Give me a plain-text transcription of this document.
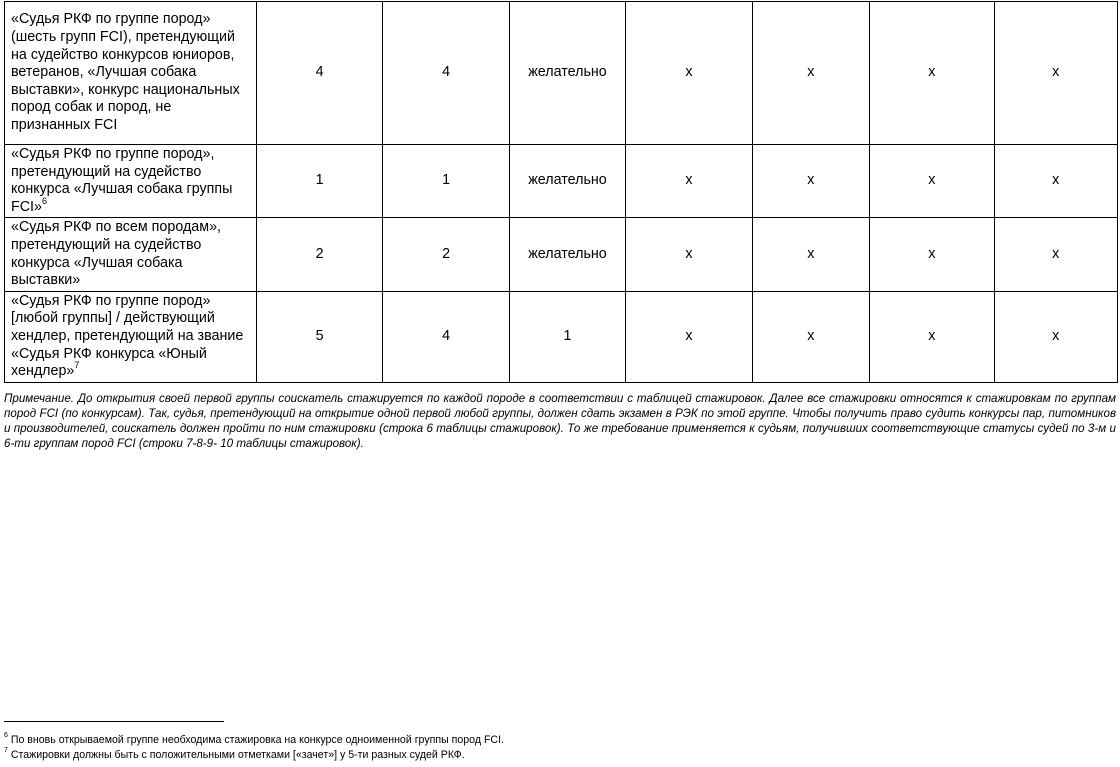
«Судья РКФ по группе пород» (шесть групп FCI), претендующий на судейство конкурсов юниоров, ветеранов, «Лучшая собака выставки», конкурс национальных пород собак и пород, не признанных FCI	4	4	желательно	х	х	х	х
«Судья РКФ по группе пород», претендующий на судейство конкурса «Лучшая собака группы FCI»$^6$	1	1	желательно	х	х	х	х
«Судья РКФ по всем породам», претендующий на судейство конкурса «Лучшая собака выставки»	2	2	желательно	х	х	х	х
«Судья РКФ по группе пород» [любой группы] / действующий хендлер, претендующий на звание «Судья РКФ конкурса «Юный хендлер»$^7$	5	4	1	х	х	х	х
Примечание. До открытия своей первой группы соискатель стажируется по каждой породе в соответствии с таблицей стажировок. Далее все стажировки относятся к стажировкам по группам пород FCI (по конкурсам). Так, судья, претендующий на открытие одной первой любой группы, должен сдать экзамен в РЭК по этой группе. Чтобы получить право судить конкурсы пар, питомников и производителей, соискатель должен пройти по ним стажировки (строка 6 таблицы стажировок). То же требование применяется к судьям, получивших соответствующие статусы судей по 3-м и 6-ти группам пород FCI (строки 7-8-9- 10 таблицы стажировок).
$^6$ По вновь открываемой группе необходима стажировка на конкурсе одноименной группы пород FCI.
$^7$ Стажировки должны быть с положительными отметками [«зачет»] у 5-ти разных судей РКФ.
